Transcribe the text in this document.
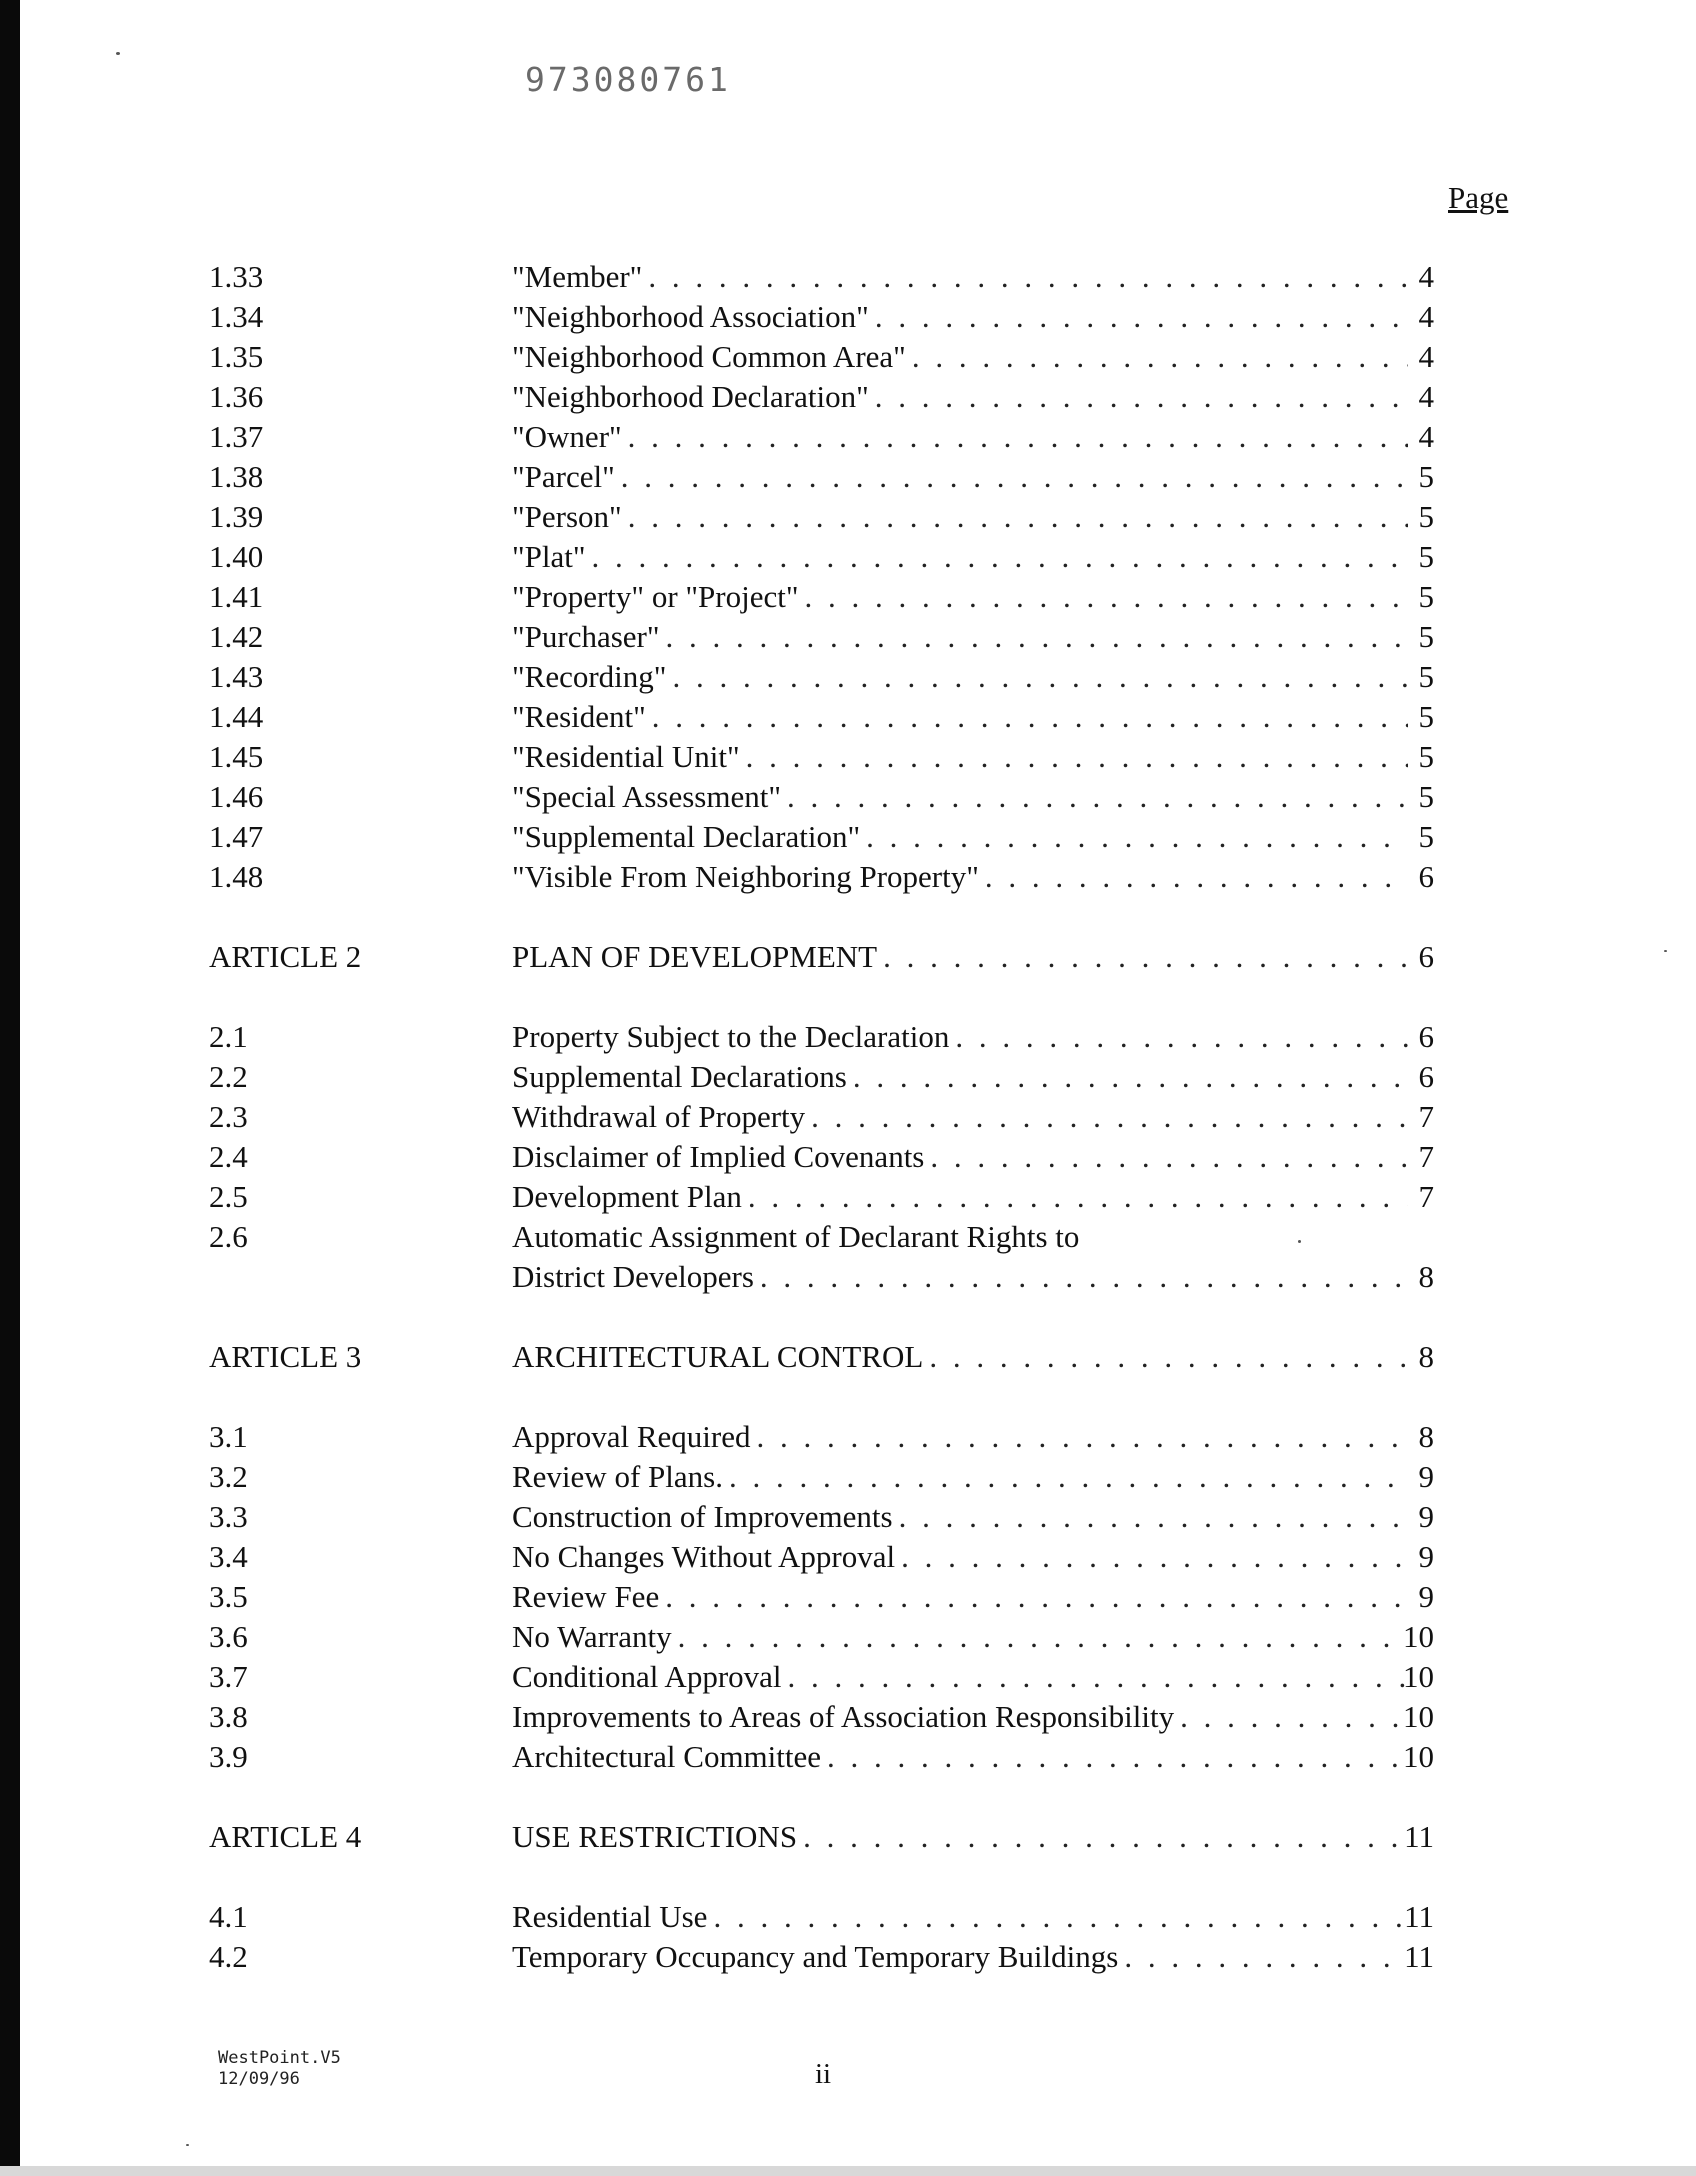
973080761
Page
1.33	"Member" . . .	4
1.34	"Neighborhood Association" . . .	4
1.35	"Neighborhood Common Area" . . .	4
1.36	"Neighborhood Declaration" . . .	4
1.37	"Owner" . . .	4
1.38	"Parcel" . . .	5
1.39	"Person" . . .	5
1.40	"Plat" . . .	5
1.41	"Property" or "Project" . . .	5
1.42	"Purchaser" . . .	5
1.43	"Recording" . . .	5
1.44	"Resident" . . .	5
1.45	"Residential Unit" . . .	5
1.46	"Special Assessment" . . .	5
1.47	"Supplemental Declaration" . . .	5
1.48	"Visible From Neighboring Property" . . .	6
ARTICLE 2	PLAN OF DEVELOPMENT . . .	6
2.1	Property Subject to the Declaration . . .	6
2.2	Supplemental Declarations . . .	6
2.3	Withdrawal of Property . . .	7
2.4	Disclaimer of Implied Covenants . . .	7
2.5	Development Plan . . .	7
2.6	Automatic Assignment of Declarant Rights to
District Developers . . .	8
ARTICLE 3	ARCHITECTURAL CONTROL . . .	8
3.1	Approval Required . . .	8
3.2	Review of Plans. . . .	9
3.3	Construction of Improvements . . .	9
3.4	No Changes Without Approval . . .	9
3.5	Review Fee . . .	9
3.6	No Warranty . . .	10
3.7	Conditional Approval . . .	10
3.8	Improvements to Areas of Association Responsibility . . .	10
3.9	Architectural Committee . . .	10
ARTICLE 4	USE RESTRICTIONS . . .	11
4.1	Residential Use . . .	11
4.2	Temporary Occupancy and Temporary Buildings . . .	11
WestPoint.V5
12/09/96	ii
